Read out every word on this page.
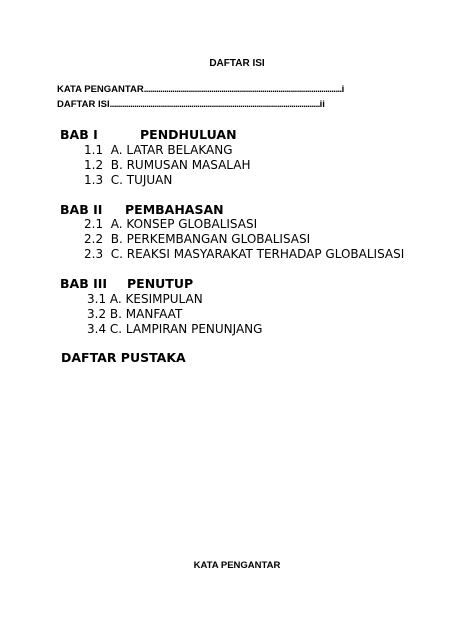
DAFTAR ISI
KATA PENGANTAR.................................................................................................i
DAFTAR ISI.......................................................................................................ii
BAB I	PENDHULUAN
1.1 A. LATAR BELAKANG
1.2 B. RUMUSAN MASALAH
1.3 C. TUJUAN
BAB II PEMBAHASAN
2.1 A. KONSEP GLOBALISASI
2.2 B. PERKEMBANGAN GLOBALISASI
2.3 C. REAKSI MASYARAKAT TERHADAP GLOBALISASI
BAB III PENUTUP
3.1 A. KESIMPULAN
3.2 B. MANFAAT
3.4 C. LAMPIRAN PENUNJANG
DAFTAR PUSTAKA
KATA PENGANTAR
